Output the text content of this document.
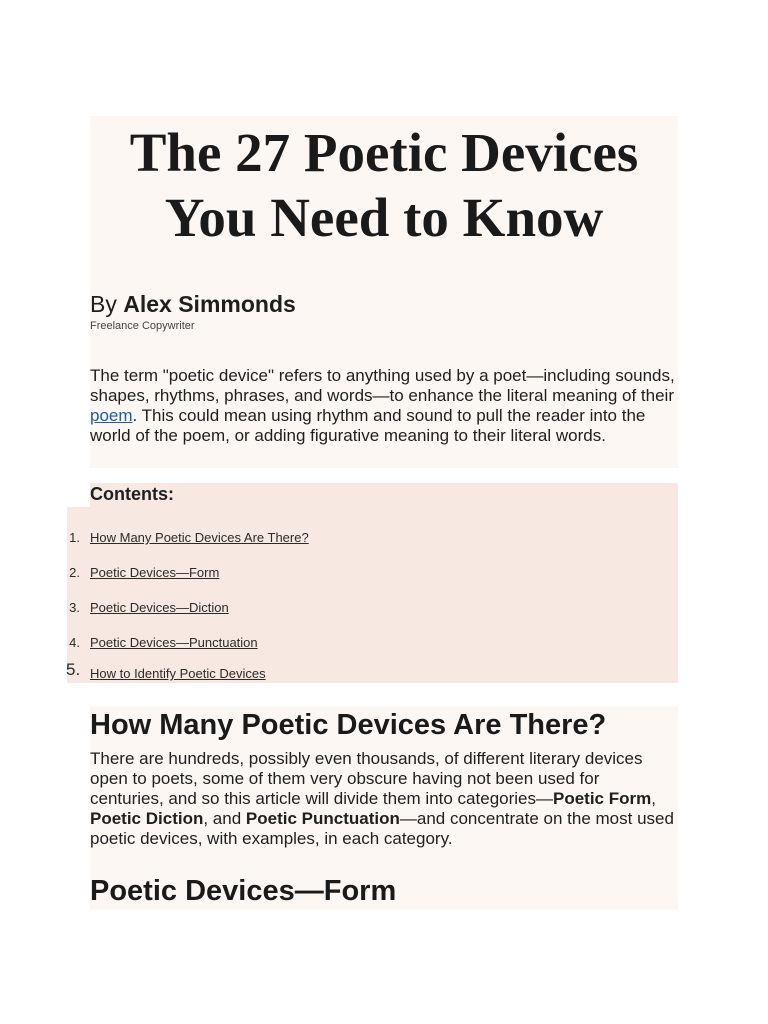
The 27 Poetic Devices You Need to Know
By Alex Simmonds
Freelance Copywriter

The term "poetic device" refers to anything used by a poet—including sounds, shapes, rhythms, phrases, and words—to enhance the literal meaning of their poem. This could mean using rhythm and sound to pull the reader into the world of the poem, or adding figurative meaning to their literal words.

Contents:
1. How Many Poetic Devices Are There?
2. Poetic Devices—Form
3. Poetic Devices—Diction
4. Poetic Devices—Punctuation
5. How to Identify Poetic Devices
How Many Poetic Devices Are There?

There are hundreds, possibly even thousands, of different literary devices open to poets, some of them very obscure having not been used for centuries, and so this article will divide them into categories—Poetic Form, Poetic Diction, and Poetic Punctuation—and concentrate on the most used poetic devices, with examples, in each category.

Poetic Devices—Form
